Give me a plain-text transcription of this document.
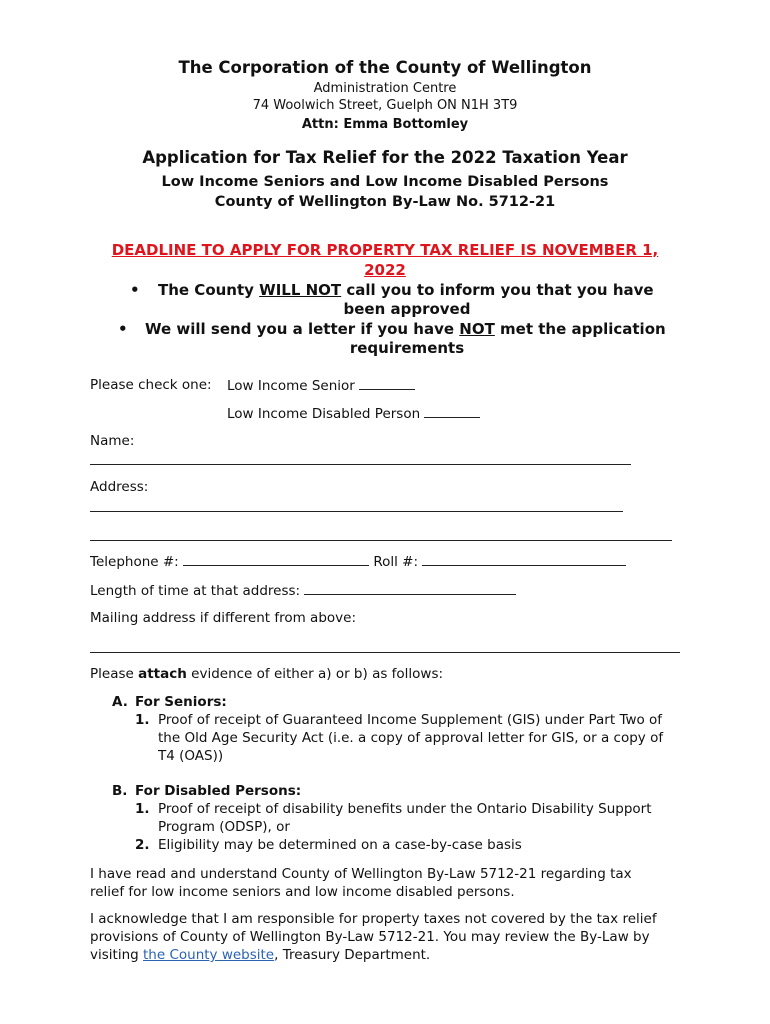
The Corporation of the County of Wellington
Administration Centre
74 Woolwich Street, Guelph ON N1H 3T9
Attn: Emma Bottomley
Application for Tax Relief for the 2022 Taxation Year
Low Income Seniors and Low Income Disabled Persons
County of Wellington By-Law No. 5712-21
DEADLINE TO APPLY FOR PROPERTY TAX RELIEF IS NOVEMBER 1,
2022
• The County WILL NOT call you to inform you that you have
been approved
• We will send you a letter if you have NOT met the application
requirements
Please check one: Low Income Senior
Low Income Disabled Person
Name:
Address:
Telephone #:	Roll #:
Length of time at that address:
Mailing address if different from above:
Please attach evidence of either a) or b) as follows:
A. For Seniors:
1. Proof of receipt of Guaranteed Income Supplement (GIS) under Part Two of
the Old Age Security Act (i.e. a copy of approval letter for GIS, or a copy of
T4 (OAS))
B. For Disabled Persons:
1. Proof of receipt of disability benefits under the Ontario Disability Support
Program (ODSP), or
2. Eligibility may be determined on a case-by-case basis
I have read and understand County of Wellington By-Law 5712-21 regarding tax
relief for low income seniors and low income disabled persons.
I acknowledge that I am responsible for property taxes not covered by the tax relief
provisions of County of Wellington By-Law 5712-21. You may review the By-Law by
visiting the County website, Treasury Department.
